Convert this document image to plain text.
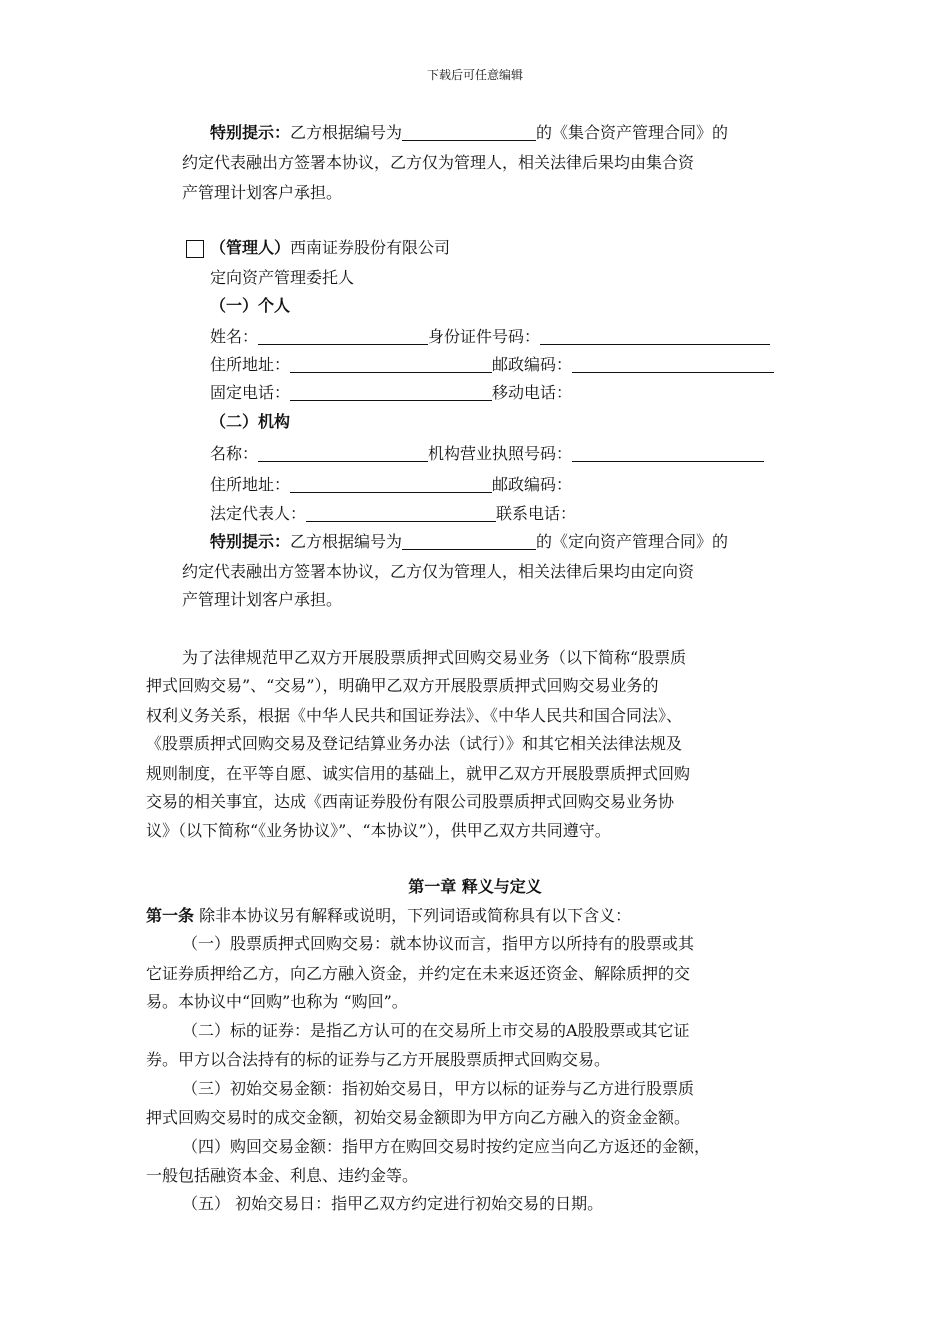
下载后可任意编辑
特别提示：乙方根据编号为	的《集合资产管理合同》的
约定代表融出方签署本协议，乙方仅为管理人，相关法律后果均由集合资
产管理计划客户承担。
（管理人）西南证券股份有限公司
定向资产管理委托人
（一）个人
姓名：	身份证件号码：
住所地址：	邮政编码：
固定电话：	移动电话：
（二）机构
名称：	机构营业执照号码：
住所地址：	邮政编码：
法定代表人：	联系电话：
特别提示：乙方根据编号为	的《定向资产管理合同》的
约定代表融出方签署本协议，乙方仅为管理人，相关法律后果均由定向资
产管理计划客户承担。
为了法律规范甲乙双方开展股票质押式回购交易业务（以下简称“股票质
押式回购交易”、“交易”），明确甲乙双方开展股票质押式回购交易业务的
权利义务关系，根据《中华人民共和国证券法》、《中华人民共和国合同法》、
《股票质押式回购交易及登记结算业务办法（试行）》和其它相关法律法规及
规则制度，在平等自愿、诚实信用的基础上，就甲乙双方开展股票质押式回购
交易的相关事宜，达成《西南证券股份有限公司股票质押式回购交易业务协
议》（以下简称“《业务协议》”、“本协议”），供甲乙双方共同遵守。
第一章 释义与定义
第一条 除非本协议另有解释或说明，下列词语或简称具有以下含义：
（一）股票质押式回购交易：就本协议而言，指甲方以所持有的股票或其
它证券质押给乙方，向乙方融入资金，并约定在未来返还资金、解除质押的交
易。本协议中“回购”也称为 “购回”。
（二）标的证券：是指乙方认可的在交易所上市交易的A股股票或其它证
券。甲方以合法持有的标的证券与乙方开展股票质押式回购交易。
（三）初始交易金额：指初始交易日，甲方以标的证券与乙方进行股票质
押式回购交易时的成交金额，初始交易金额即为甲方向乙方融入的资金金额。
（四）购回交易金额：指甲方在购回交易时按约定应当向乙方返还的金额，
一般包括融资本金、利息、违约金等。
（五） 初始交易日：指甲乙双方约定进行初始交易的日期。
